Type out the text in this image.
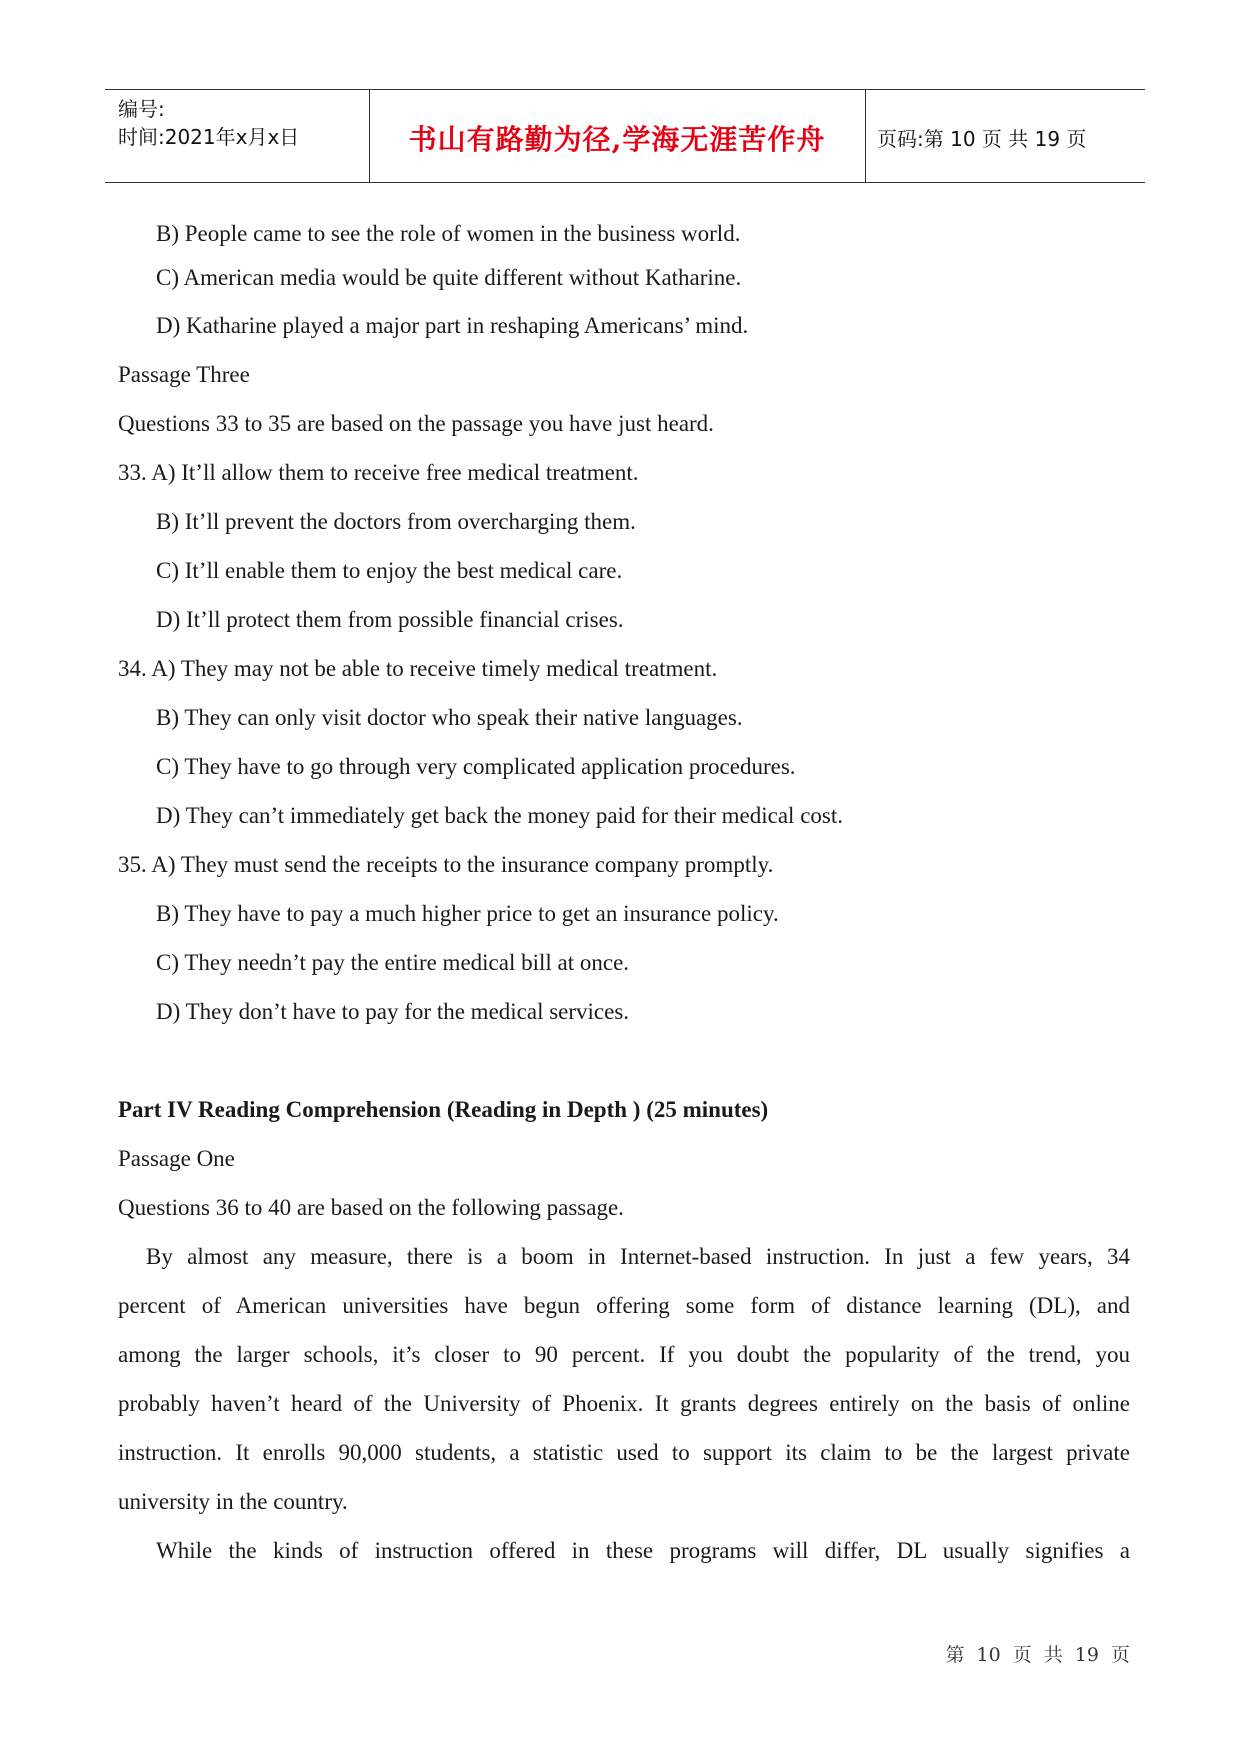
编号:
时间:2021年x月x日	书山有路勤为径,学海无涯苦作舟	页码:第 10 页 共 19 页
B) People came to see the role of women in the business world.
C) American media would be quite different without Katharine.
D) Katharine played a major part in reshaping Americans’ mind.
Passage Three
Questions 33 to 35 are based on the passage you have just heard.
33. A) It’ll allow them to receive free medical treatment.
B) It’ll prevent the doctors from overcharging them.
C) It’ll enable them to enjoy the best medical care.
D) It’ll protect them from possible financial crises.
34. A) They may not be able to receive timely medical treatment.
B) They can only visit doctor who speak their native languages.
C) They have to go through very complicated application procedures.
D) They can’t immediately get back the money paid for their medical cost.
35. A) They must send the receipts to the insurance company promptly.
B) They have to pay a much higher price to get an insurance policy.
C) They needn’t pay the entire medical bill at once.
D) They don’t have to pay for the medical services.
Part IV Reading Comprehension (Reading in Depth ) (25 minutes)
Passage One
Questions 36 to 40 are based on the following passage.
By almost any measure, there is a boom in Internet-based instruction. In just a few years, 34
percent of American universities have begun offering some form of distance learning (DL), and
among the larger schools, it’s closer to 90 percent. If you doubt the popularity of the trend, you
probably haven’t heard of the University of Phoenix. It grants degrees entirely on the basis of online
instruction. It enrolls 90,000 students, a statistic used to support its claim to be the largest private
university in the country.
While the kinds of instruction offered in these programs will differ, DL usually signifies a
第 10 页 共 19 页
